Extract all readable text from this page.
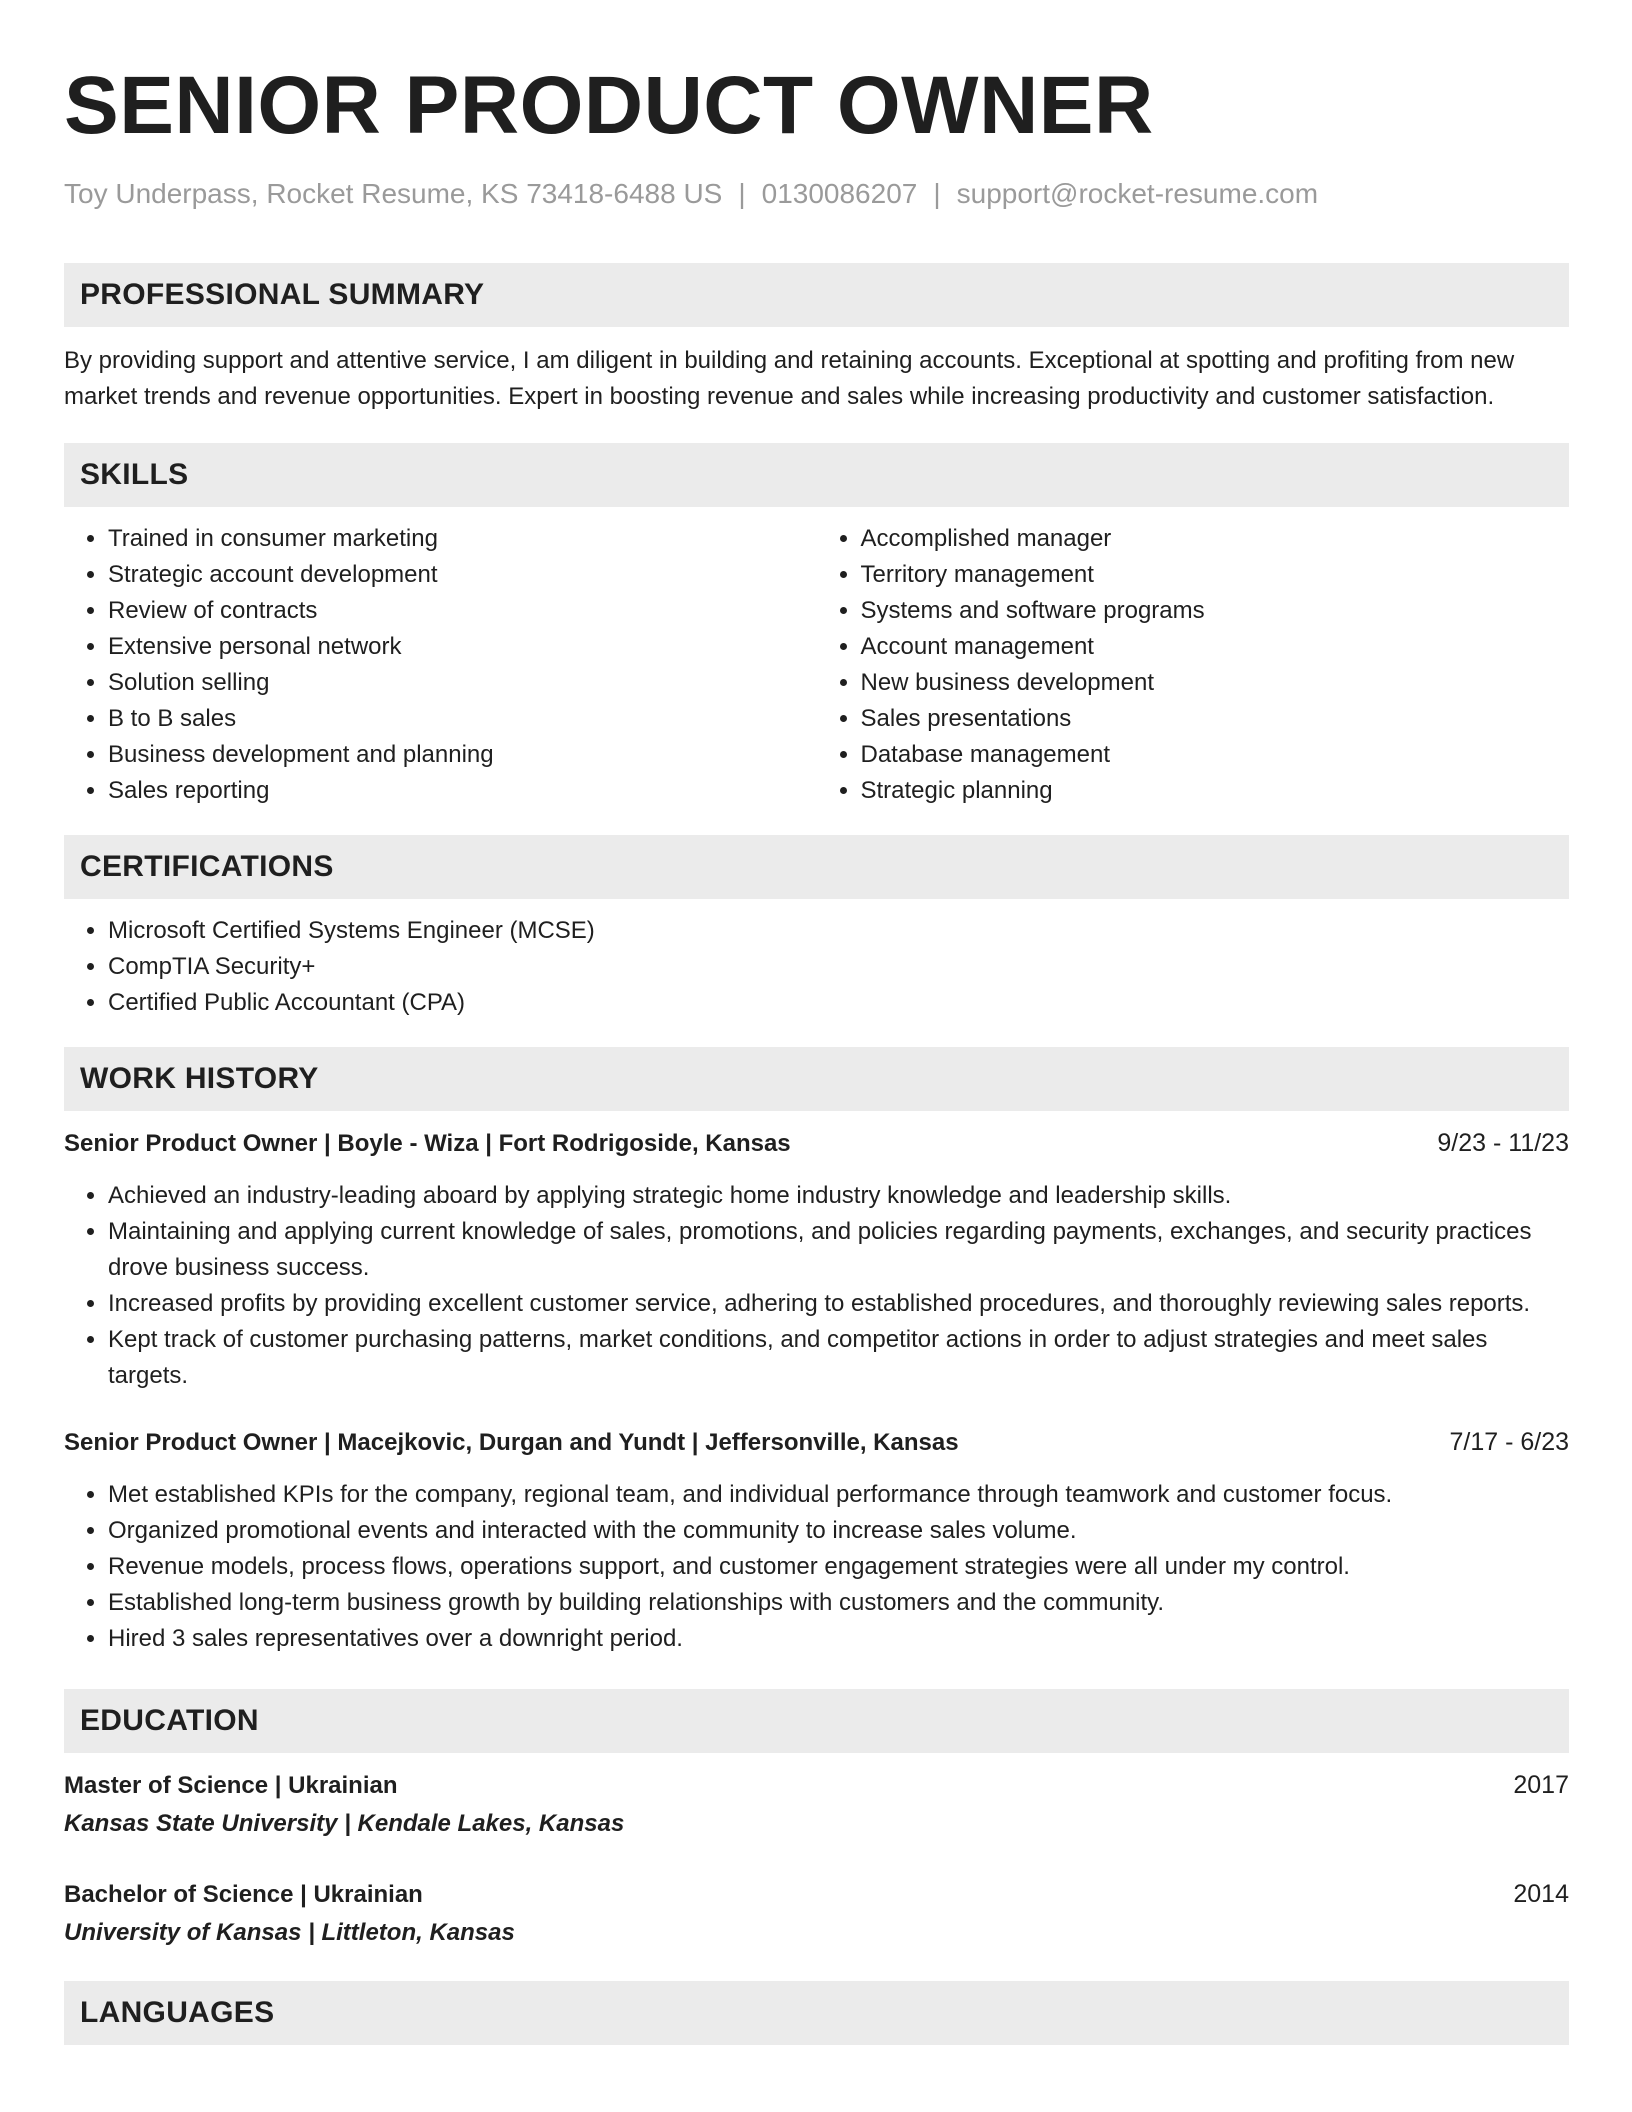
SENIOR PRODUCT OWNER
Toy Underpass, Rocket Resume, KS 73418-6488 US | 0130086207 | support@rocket-resume.com
PROFESSIONAL SUMMARY

By providing support and attentive service, I am diligent in building and retaining accounts. Exceptional at spotting and profiting from new market trends and revenue opportunities. Expert in boosting revenue and sales while increasing productivity and customer satisfaction.

SKILLS
• Trained in consumer marketing
• Strategic account development
• Review of contracts
• Extensive personal network
• Solution selling
• B to B sales
• Business development and planning
• Sales reporting
• Accomplished manager
• Territory management
• Systems and software programs
• Account management
• New business development
• Sales presentations
• Database management
• Strategic planning
CERTIFICATIONS
• Microsoft Certified Systems Engineer (MCSE)
• CompTIA Security+
• Certified Public Accountant (CPA)
WORK HISTORY
Senior Product Owner | Boyle - Wiza | Fort Rodrigoside, Kansas	9/23 - 11/23
• Achieved an industry-leading aboard by applying strategic home industry knowledge and leadership skills.
• Maintaining and applying current knowledge of sales, promotions, and policies regarding payments, exchanges, and security practices drove business success.
• Increased profits by providing excellent customer service, adhering to established procedures, and thoroughly reviewing sales reports.
• Kept track of customer purchasing patterns, market conditions, and competitor actions in order to adjust strategies and meet sales targets.
Senior Product Owner | Macejkovic, Durgan and Yundt | Jeffersonville, Kansas	7/17 - 6/23
• Met established KPIs for the company, regional team, and individual performance through teamwork and customer focus.
• Organized promotional events and interacted with the community to increase sales volume.
• Revenue models, process flows, operations support, and customer engagement strategies were all under my control.
• Established long-term business growth by building relationships with customers and the community.
• Hired 3 sales representatives over a downright period.
EDUCATION
Master of Science | Ukrainian	2017
Kansas State University | Kendale Lakes, Kansas
Bachelor of Science | Ukrainian	2014
University of Kansas | Littleton, Kansas
LANGUAGES
